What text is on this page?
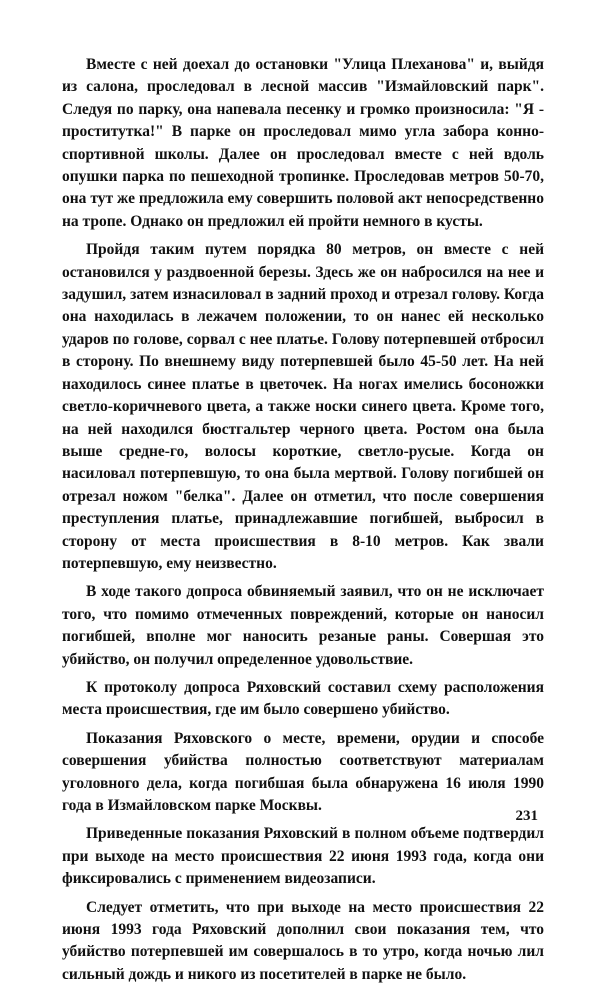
Вместе с ней доехал до остановки "Улица Плеханова" и, выйдя из салона, проследовал в лесной массив "Измайловский парк". Следуя по парку, она напевала песенку и громко произносила: "Я - проститутка!" В парке он проследовал мимо угла забора конно-спортивной школы. Далее он проследовал вместе с ней вдоль опушки парка по пешеходной тропинке. Проследовав метров 50-70, она тут же предложила ему совершить половой акт непосредственно на тропе. Однако он предложил ей пройти немного в кусты.

Пройдя таким путем порядка 80 метров, он вместе с ней остановился у раздвоенной березы. Здесь же он набросился на нее и задушил, затем изнасиловал в задний проход и отрезал голову. Когда она находилась в лежачем положении, то он нанес ей несколько ударов по голове, сорвал с нее платье. Голову потерпевшей отбросил в сторону. По внешнему виду потерпевшей было 45-50 лет. На ней находилось синее платье в цветочек. На ногах имелись босоножки светло-коричневого цвета, а также носки синего цвета. Кроме того, на ней находился бюстгальтер черного цвета. Ростом она была выше средне-го, волосы короткие, светло-русые. Когда он насиловал потерпевшую, то она была мертвой. Голову погибшей он отрезал ножом "белка". Далее он отметил, что после совершения преступления платье, принадлежавшие погибшей, выбросил в сторону от места происшествия в 8-10 метров. Как звали потерпевшую, ему неизвестно.

В ходе такого допроса обвиняемый заявил, что он не исключает того, что помимо отмеченных повреждений, которые он наносил погибшей, вполне мог наносить резаные раны. Совершая это убийство, он получил определенное удовольствие.

К протоколу допроса Ряховский составил схему расположения места происшествия, где им было совершено убийство.

Показания Ряховского о месте, времени, орудии и способе совершения убийства полностью соответствуют материалам уголовного дела, когда погибшая была обнаружена 16 июля 1990 года в Измайловском парке Москвы.

Приведенные показания Ряховский в полном объеме подтвердил при выходе на место происшествия 22 июня 1993 года, когда они фиксировались с применением видеозаписи.

Следует отметить, что при выходе на место происшествия 22 июня 1993 года Ряховский дополнил свои показания тем, что убийство потерпевшей им совершалось в то утро, когда ночью лил сильный дождь и никого из посетителей в парке не было.

231
